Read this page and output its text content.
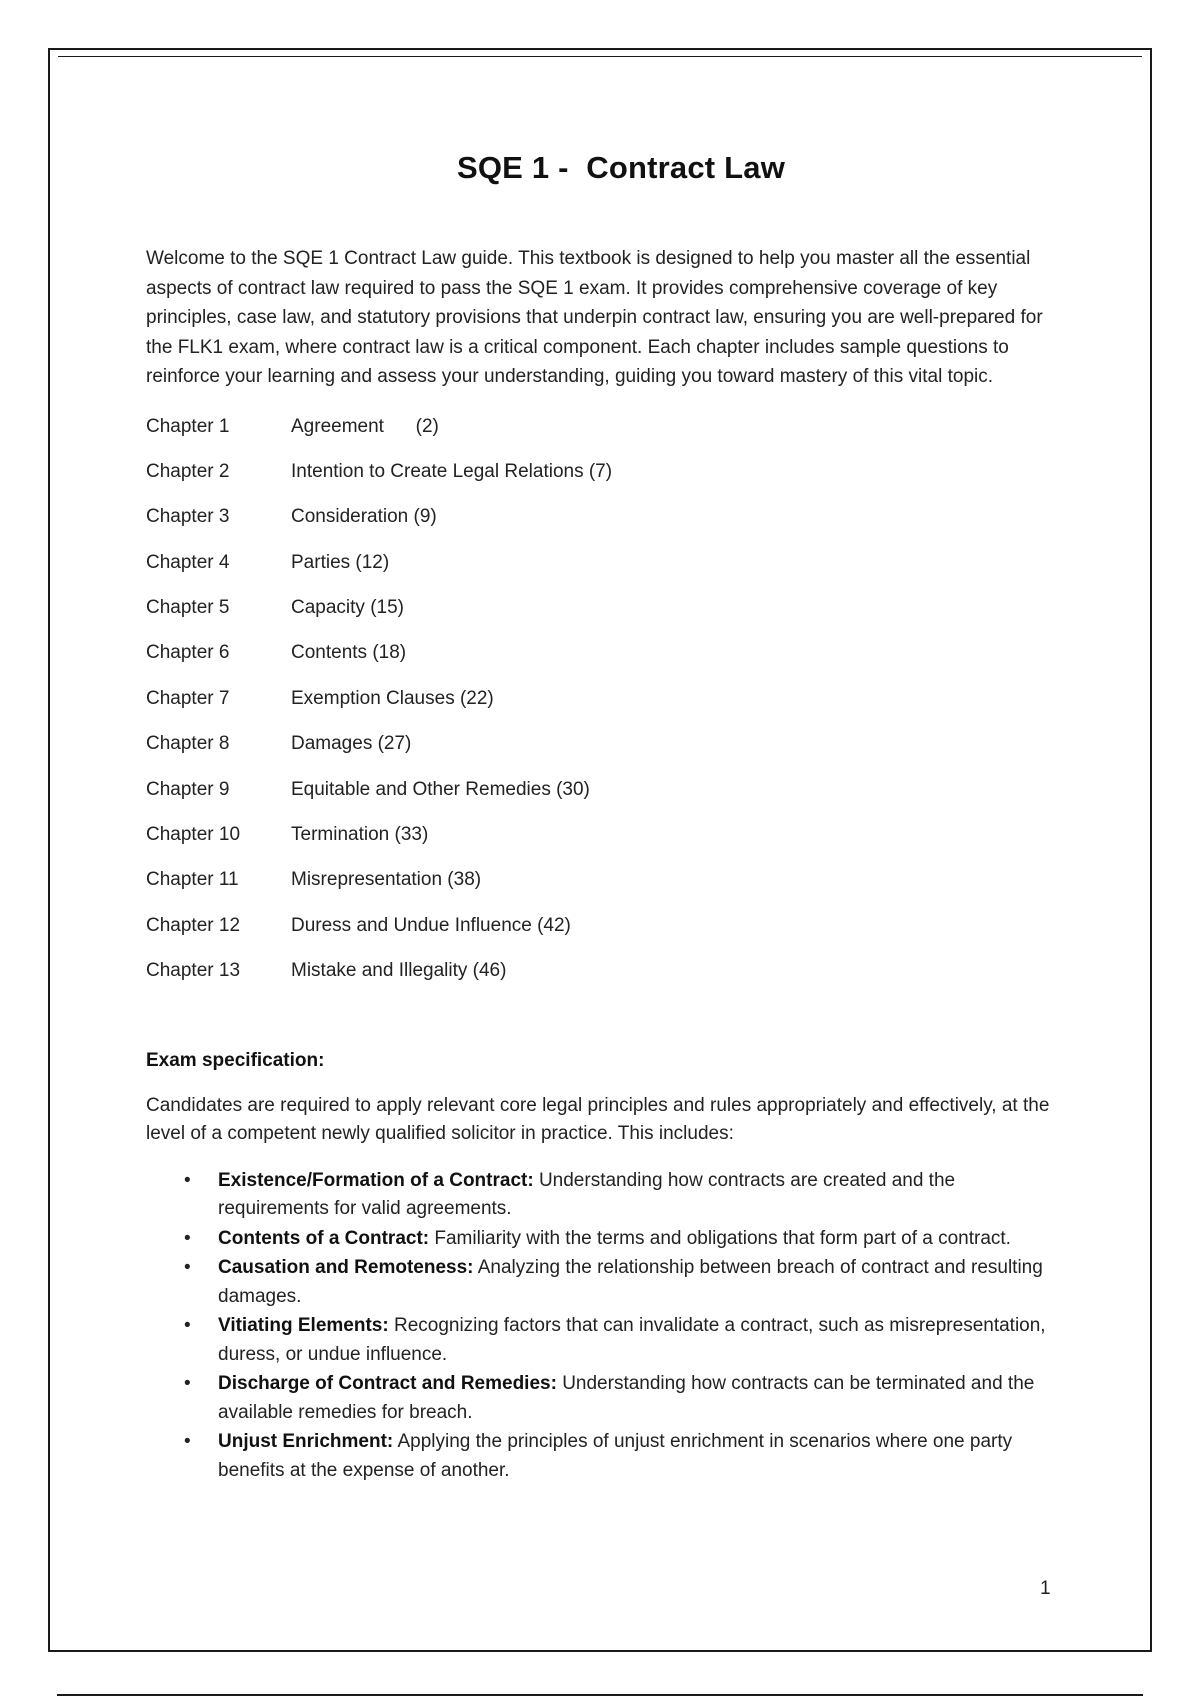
SQE 1 -  Contract Law

Welcome to the SQE 1 Contract Law guide. This textbook is designed to help you master all the essential aspects of contract law required to pass the SQE 1 exam. It provides comprehensive coverage of key principles, case law, and statutory provisions that underpin contract law, ensuring you are well-prepared for the FLK1 exam, where contract law is a critical component. Each chapter includes sample questions to reinforce your learning and assess your understanding, guiding you toward mastery of this vital topic.

Chapter 1	Agreement      (2)
Chapter 2	Intention to Create Legal Relations (7)
Chapter 3	Consideration (9)
Chapter 4	Parties (12)
Chapter 5	Capacity (15)
Chapter 6	Contents (18)
Chapter 7	Exemption Clauses (22)
Chapter 8	Damages (27)
Chapter 9	Equitable and Other Remedies (30)
Chapter 10	Termination (33)
Chapter 11	Misrepresentation (38)
Chapter 12	Duress and Undue Influence (42)
Chapter 13	Mistake and Illegality (46)
Exam specification:

Candidates are required to apply relevant core legal principles and rules appropriately and effectively, at the level of a competent newly qualified solicitor in practice. This includes:

• Existence/Formation of a Contract: Understanding how contracts are created and the requirements for valid agreements.
• Contents of a Contract: Familiarity with the terms and obligations that form part of a contract.
• Causation and Remoteness: Analyzing the relationship between breach of contract and resulting damages.
• Vitiating Elements: Recognizing factors that can invalidate a contract, such as misrepresentation, duress, or undue influence.
• Discharge of Contract and Remedies: Understanding how contracts can be terminated and the available remedies for breach.
• Unjust Enrichment: Applying the principles of unjust enrichment in scenarios where one party benefits at the expense of another.
1
